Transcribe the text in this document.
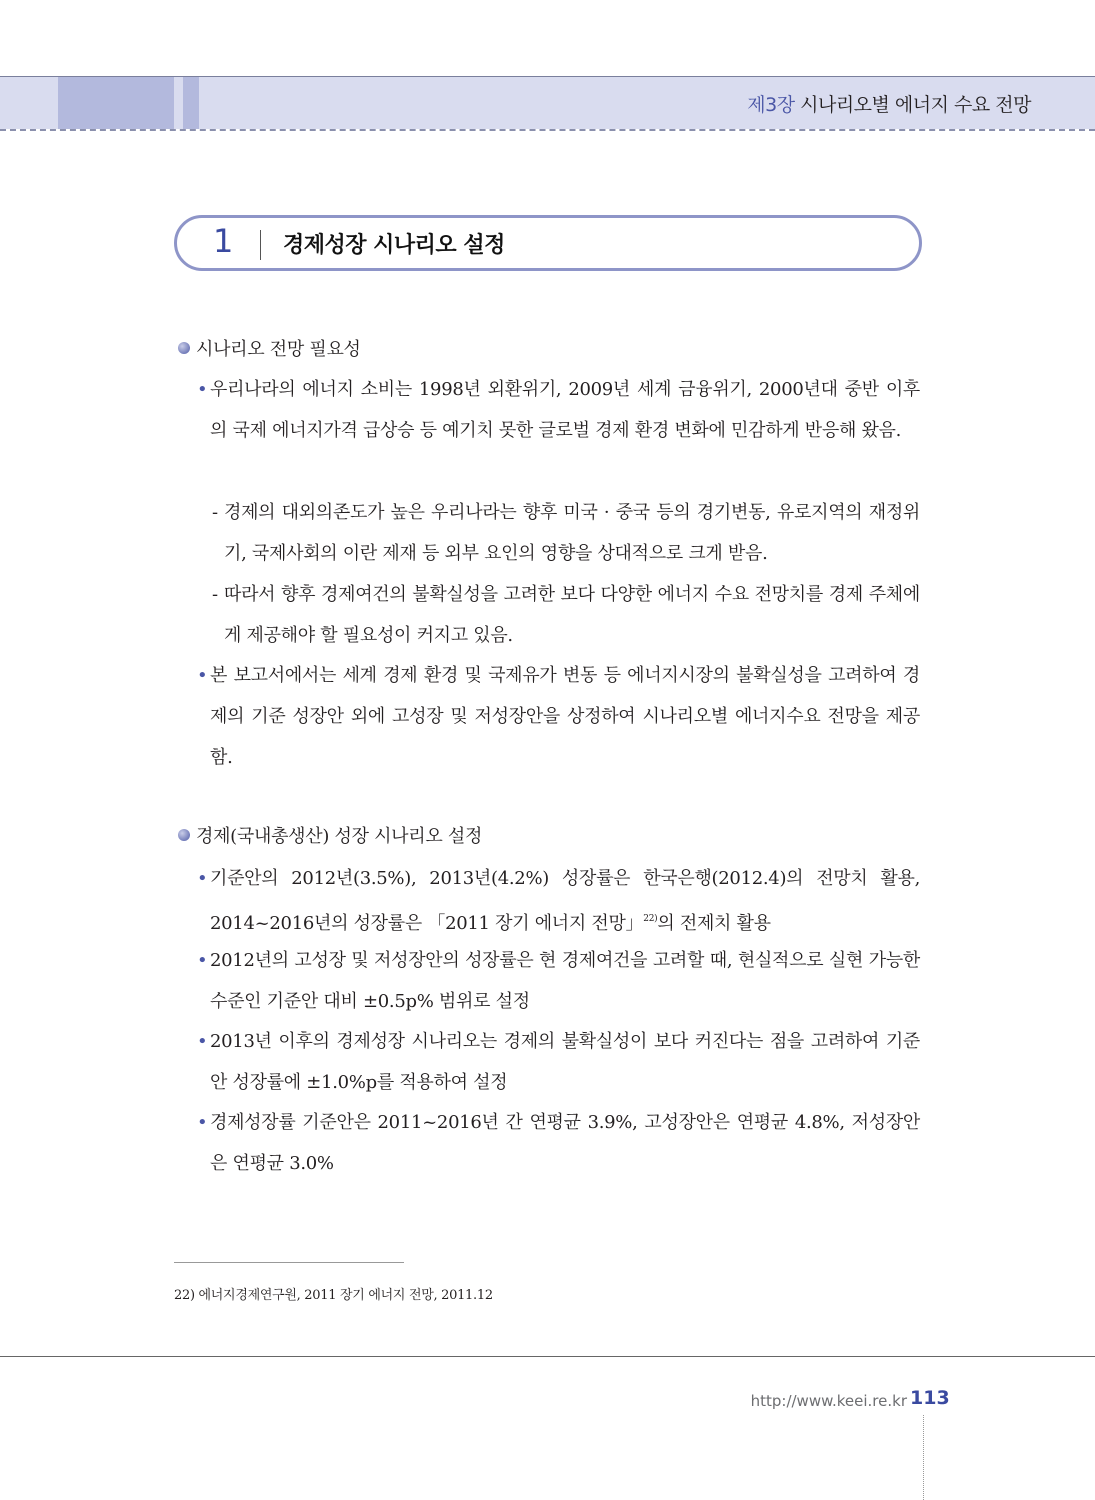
제3장 시나리오별 에너지 수요 전망
1 경제성장 시나리오 설정
시나리오 전망 필요성

• 우리나라의 에너지 소비는 1998년 외환위기, 2009년 세계 금융위기, 2000년대 중반 이후의 국제 에너지가격 급상승 등 예기치 못한 글로벌 경제 환경 변화에 민감하게 반응해 왔음.

- 경제의 대외의존도가 높은 우리나라는 향후 미국 · 중국 등의 경기변동, 유로지역의 재정위기, 국제사회의 이란 제재 등 외부 요인의 영향을 상대적으로 크게 받음.

- 따라서 향후 경제여건의 불확실성을 고려한 보다 다양한 에너지 수요 전망치를 경제 주체에게 제공해야 할 필요성이 커지고 있음.

• 본 보고서에서는 세계 경제 환경 및 국제유가 변동 등 에너지시장의 불확실성을 고려하여 경제의 기준 성장안 외에 고성장 및 저성장안을 상정하여 시나리오별 에너지수요 전망을 제공함.

경제(국내총생산) 성장 시나리오 설정

• 기준안의 2012년(3.5%), 2013년(4.2%) 성장률은 한국은행(2012.4)의 전망치 활용, 2014~2016년의 성장률은 「2011 장기 에너지 전망」$^{22)}$의 전제치 활용

• 2012년의 고성장 및 저성장안의 성장률은 현 경제여건을 고려할 때, 현실적으로 실현 가능한 수준인 기준안 대비 ±0.5p% 범위로 설정

• 2013년 이후의 경제성장 시나리오는 경제의 불확실성이 보다 커진다는 점을 고려하여 기준안 성장률에 ±1.0%p를 적용하여 설정

• 경제성장률 기준안은 2011~2016년 간 연평균 3.9%, 고성장안은 연평균 4.8%, 저성장안은 연평균 3.0%

22) 에너지경제연구원, 2011 장기 에너지 전망, 2011.12
http://www.keei.re.kr 113
